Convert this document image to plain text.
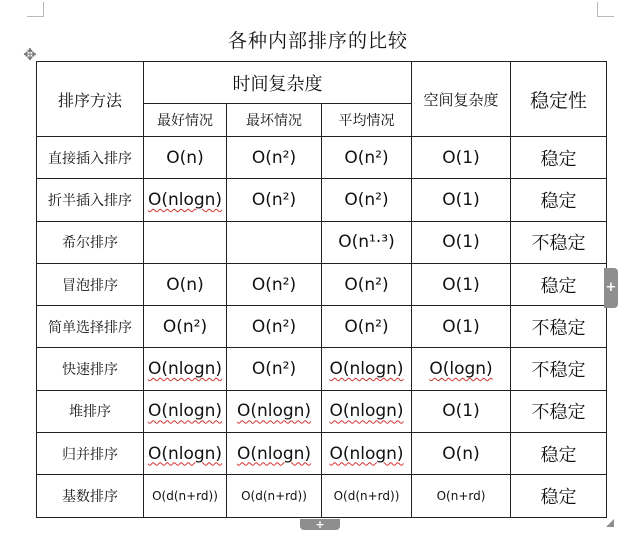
各种内部排序的比较
✥
排序方法	时间复杂度			空间复杂度	稳定性
	最好情况	最坏情况	平均情况		
直接插入排序	O(n)	O(n²)	O(n²)	O(1)	稳定
折半插入排序	O(nlogn)	O(n²)	O(n²)	O(1)	稳定
希尔排序			O(n¹·³)	O(1)	不稳定
冒泡排序	O(n)	O(n²)	O(n²)	O(1)	稳定
简单选择排序	O(n²)	O(n²)	O(n²)	O(1)	不稳定
快速排序	O(nlogn)	O(n²)	O(nlogn)	O(logn)	不稳定
堆排序	O(nlogn)	O(nlogn)	O(nlogn)	O(1)	不稳定
归并排序	O(nlogn)	O(nlogn)	O(nlogn)	O(n)	稳定
基数排序	O(d(n+rd))	O(d(n+rd))	O(d(n+rd))	O(n+rd)	稳定
+
+
